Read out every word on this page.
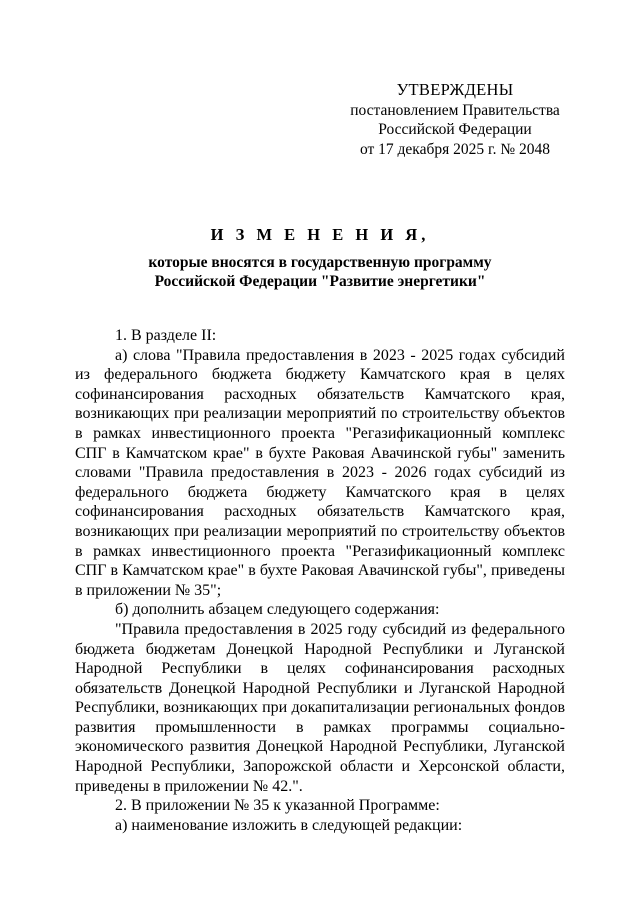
УТВЕРЖДЕНЫ
постановлением Правительства
Российской Федерации
от 17 декабря 2025 г. № 2048
И З М Е Н Е Н И Я,
которые вносятся в государственную программу
Российской Федерации "Развитие энергетики"

1. В разделе II:

а) слова "Правила предоставления в 2023 - 2025 годах субсидий из федерального бюджета бюджету Камчатского края в целях софинансирования расходных обязательств Камчатского края, возникающих при реализации мероприятий по строительству объектов в рамках инвестиционного проекта "Регазификационный комплекс СПГ в Камчатском крае" в бухте Раковая Авачинской губы" заменить словами "Правила предоставления в 2023 - 2026 годах субсидий из федерального бюджета бюджету Камчатского края в целях софинансирования расходных обязательств Камчатского края, возникающих при реализации мероприятий по строительству объектов в рамках инвестиционного проекта "Регазификационный комплекс СПГ в Камчатском крае" в бухте Раковая Авачинской губы", приведены в приложении № 35";

б) дополнить абзацем следующего содержания:

"Правила предоставления в 2025 году субсидий из федерального бюджета бюджетам Донецкой Народной Республики и Луганской Народной Республики в целях софинансирования расходных обязательств Донецкой Народной Республики и Луганской Народной Республики, возникающих при докапитализации региональных фондов развития промышленности в рамках программы социально-экономического развития Донецкой Народной Республики, Луганской Народной Республики, Запорожской области и Херсонской области, приведены в приложении № 42.".

2. В приложении № 35 к указанной Программе:

а) наименование изложить в следующей редакции:
